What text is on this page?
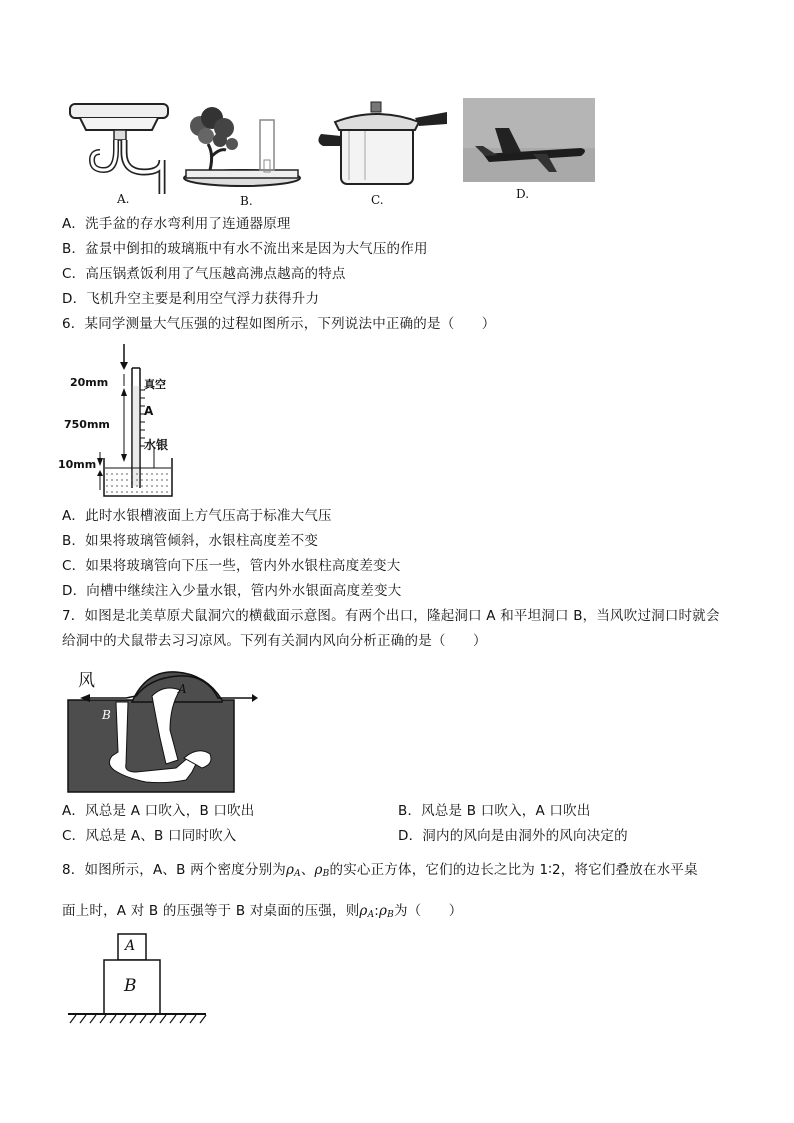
A.	B.	C.	D.
A．洗手盆的存水弯利用了连通器原理
B．盆景中倒扣的玻璃瓶中有水不流出来是因为大气压的作用
C．高压锅煮饭利用了气压越高沸点越高的特点
D．飞机升空主要是利用空气浮力获得升力
6．某同学测量大气压强的过程如图所示，下列说法中正确的是（　　）
20mm	真空
A
750mm
水银
10mm
A．此时水银槽液面上方气压高于标准大气压
B．如果将玻璃管倾斜，水银柱高度差不变
C．如果将玻璃管向下压一些，管内外水银柱高度差变大
D．向槽中继续注入少量水银，管内外水银面高度差变大
7．如图是北美草原犬鼠洞穴的横截面示意图。有两个出口，隆起洞口 A 和平坦洞口 B，当风吹过洞口时就会
给洞中的犬鼠带去习习凉风。下列有关洞内风向分析正确的是（　　）
风	A
B
A．风总是 A 口吹入，B 口吹出	B．风总是 B 口吹入，A 口吹出
C．风总是 A、B 口同时吹入	D．洞内的风向是由洞外的风向决定的
8．如图所示，A、B 两个密度分别为$\rho_A$、$\rho_B$的实心正方体，它们的边长之比为 1∶2，将它们叠放在水平桌
面上时，A 对 B 的压强等于 B 对桌面的压强，则$\rho_A:\rho_B$为（　　）
A
B
